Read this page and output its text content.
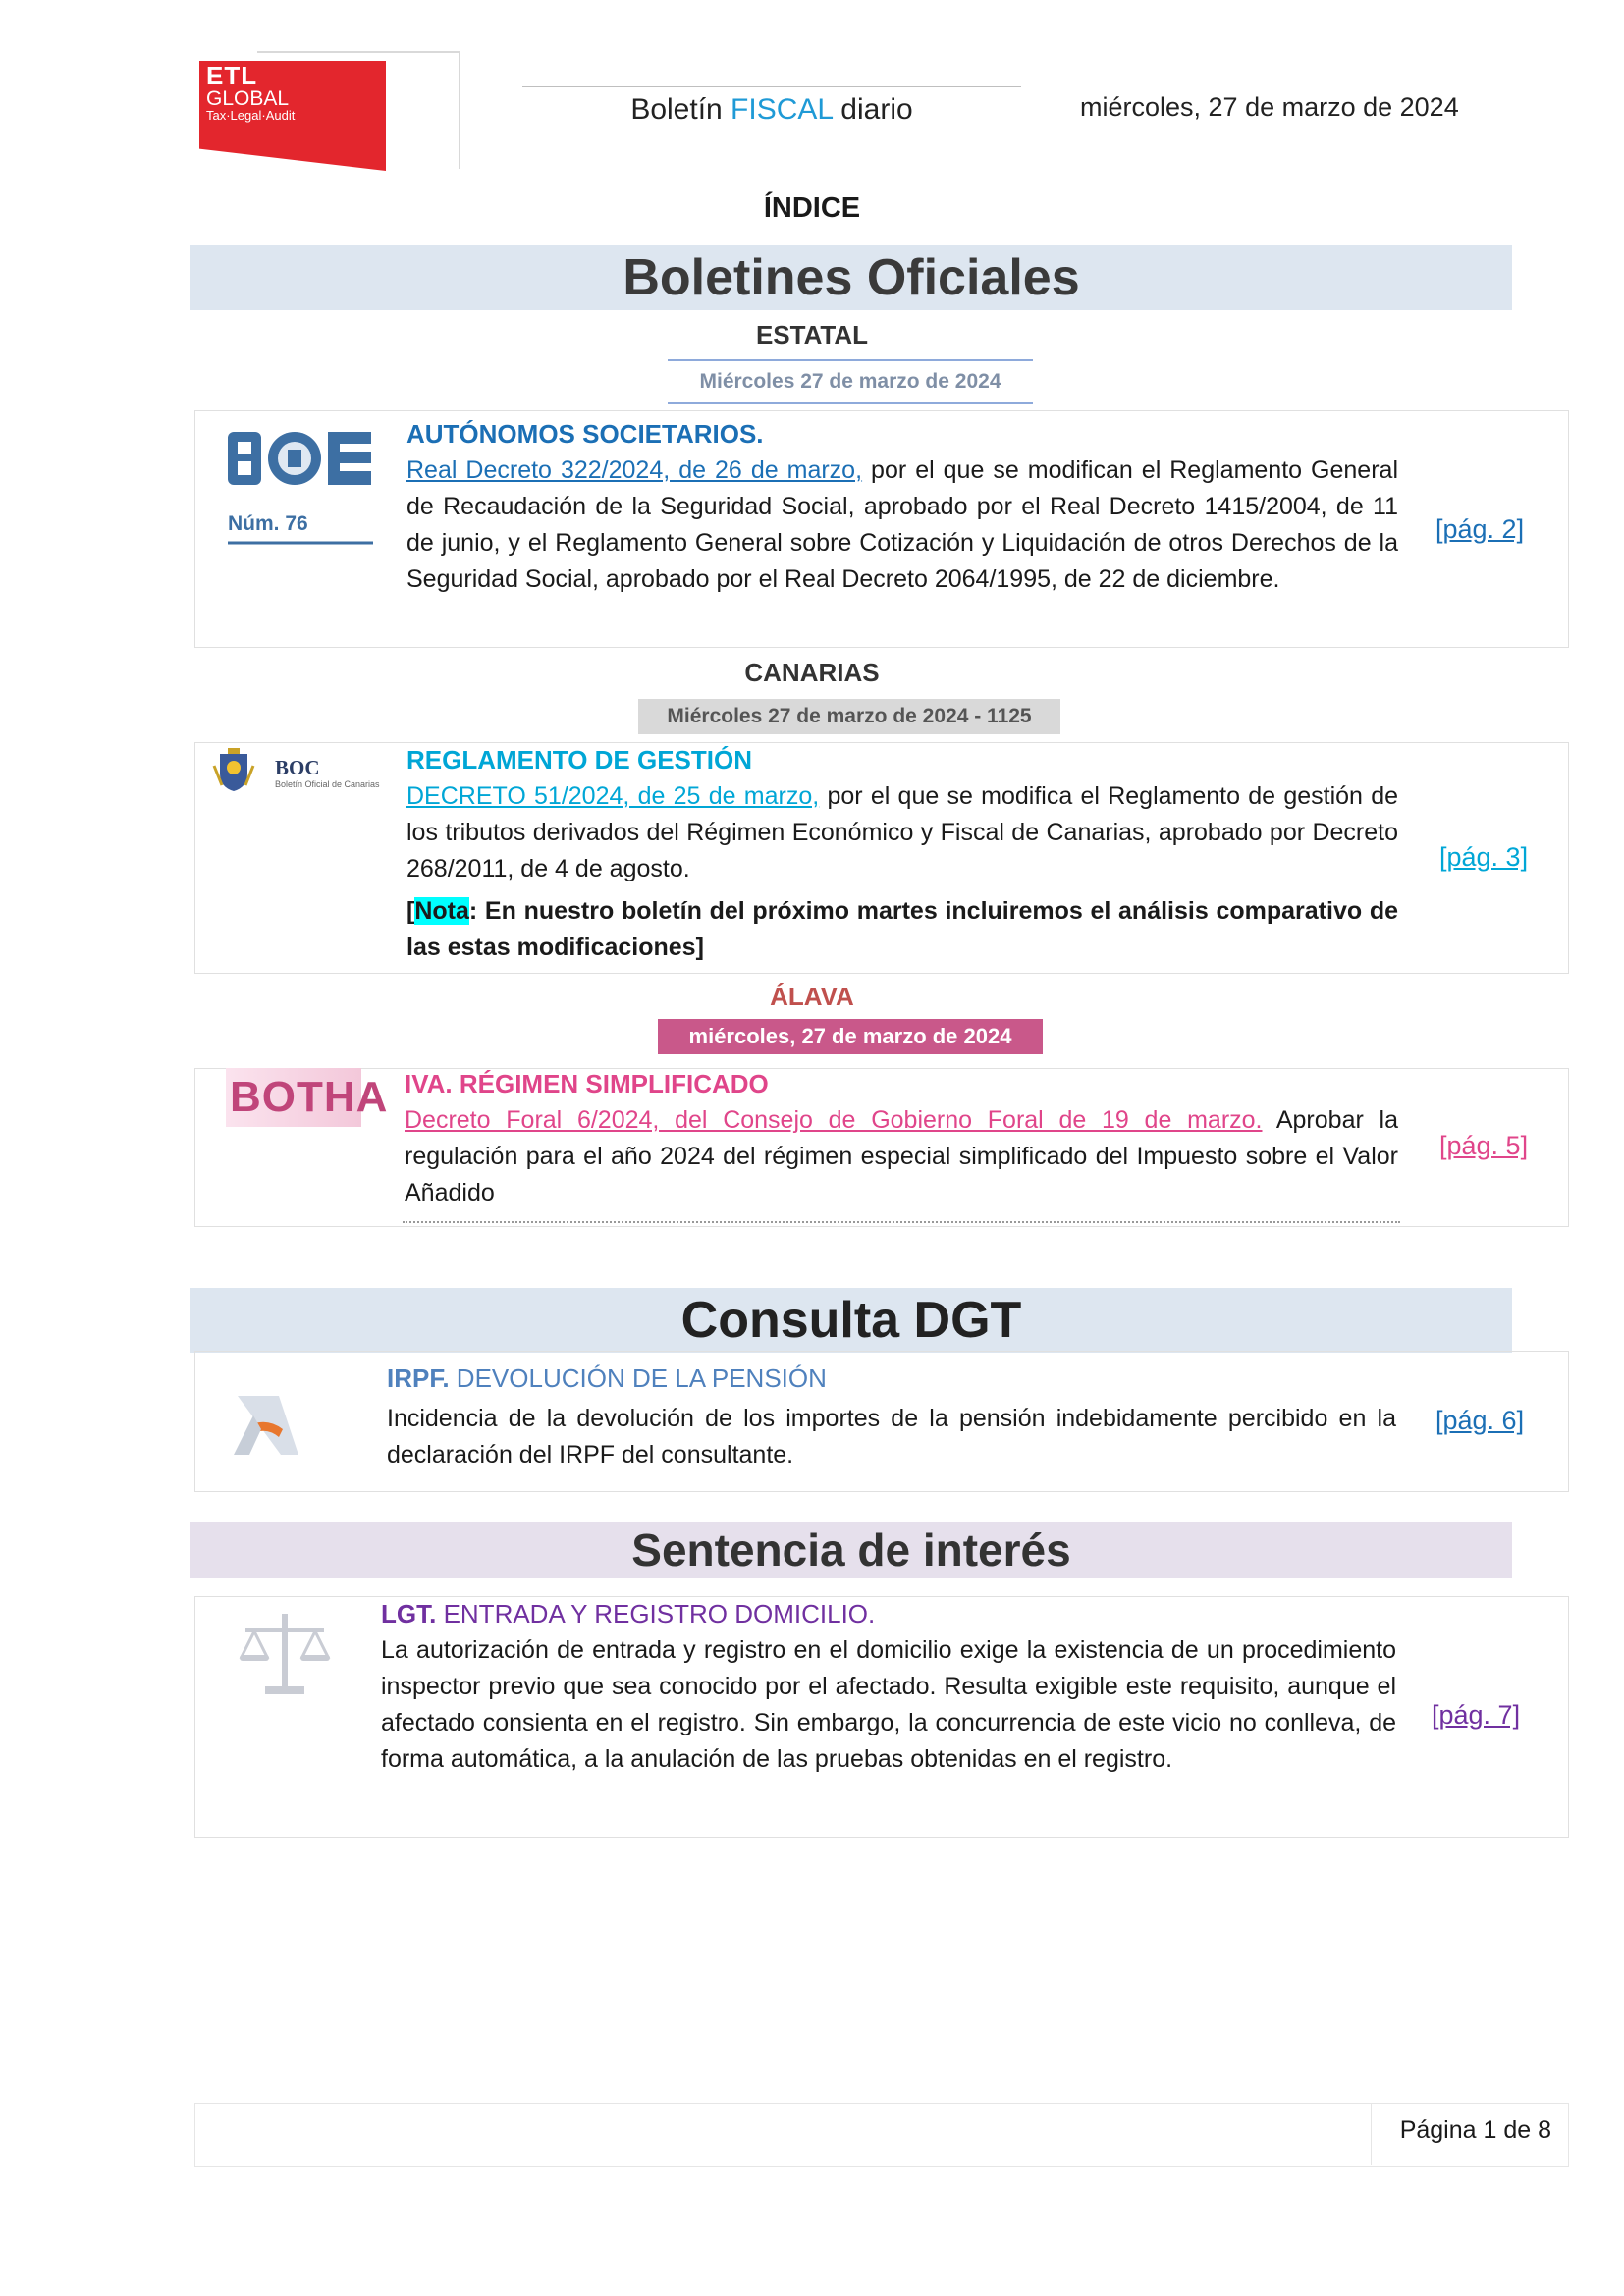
ETL
GLOBAL
Tax·Legal·Audit	Boletín FISCAL diario	miércoles, 27 de marzo de 2024
ÍNDICE
Boletines Oficiales
ESTATAL
Miércoles 27 de marzo de 2024
Núm. 76
AUTÓNOMOS SOCIETARIOS.
Real Decreto 322/2024, de 26 de marzo, por el que se modifican el Reglamento General de Recaudación de la Seguridad Social, aprobado por el Real Decreto 1415/2004, de 11 de junio, y el Reglamento General sobre Cotización y Liquidación de otros Derechos de la Seguridad Social, aprobado por el Real Decreto 2064/1995, de 22 de diciembre.
[pág. 2]
CANARIAS
Miércoles 27 de marzo de 2024 - 1125
BOC
Boletín Oficial de Canarias
REGLAMENTO DE GESTIÓN
DECRETO 51/2024, de 25 de marzo, por el que se modifica el Reglamento de gestión de los tributos derivados del Régimen Económico y Fiscal de Canarias, aprobado por Decreto 268/2011, de 4 de agosto.
[Nota: En nuestro boletín del próximo martes incluiremos el análisis comparativo de las estas modificaciones]
[pág. 3]
ÁLAVA
miércoles, 27 de marzo de 2024
BOTHA IVA. RÉGIMEN SIMPLIFICADO
Decreto Foral 6/2024, del Consejo de Gobierno Foral de 19 de marzo. Aprobar la regulación para el año 2024 del régimen especial simplificado del Impuesto sobre el Valor Añadido
[pág. 5]
Consulta DGT
IRPF. DEVOLUCIÓN DE LA PENSIÓN
Incidencia de la devolución de los importes de la pensión indebidamente percibido en la declaración del IRPF del consultante.
[pág. 6]
Sentencia de interés
LGT. ENTRADA Y REGISTRO DOMICILIO.
La autorización de entrada y registro en el domicilio exige la existencia de un procedimiento inspector previo que sea conocido por el afectado. Resulta exigible este requisito, aunque el afectado consienta en el registro. Sin embargo, la concurrencia de este vicio no conlleva, de forma automática, a la anulación de las pruebas obtenidas en el registro.
[pág. 7]
Página 1 de 8
